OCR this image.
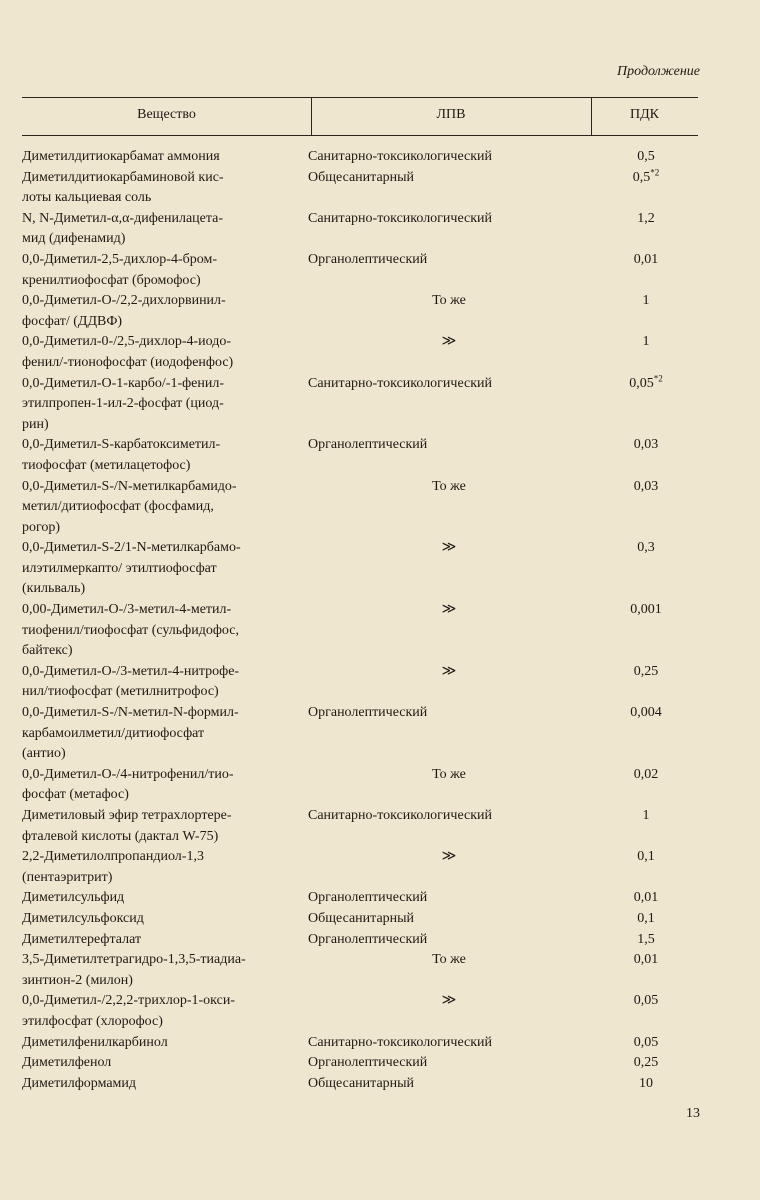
Продолжение
Вещество	ЛПВ	ПДК
Диметилдитиокарбамат аммония	Санитарно-токсикологический	0,5
Диметилдитиокарбаминовой кис-
лоты кальциевая соль
Общесанитарный	0,5$^{*2}$
N, N-Диметил-α,α-дифенилацета-
мид (дифенамид)
Санитарно-токсикологический	1,2
0,0-Диметил-2,5-дихлор-4-бром-
кренилтиофосфат (бромофос)
Органолептический	0,01
0,0-Диметил-О-/2,2-дихлорвинил-
фосфат/ (ДДВФ)
То же	1
0,0-Диметил-0-/2,5-дихлор-4-иодо-
фенил/-тионофосфат (иодофенфос)
≫	1
0,0-Диметил-О-1-карбо/-1-фенил-
этилпропен-1-ил-2-фосфат (циод-
рин)
Санитарно-токсикологический	0,05$^{*2}$
0,0-Диметил-S-карбатоксиметил-
тиофосфат (метилацетофос)
Органолептический	0,03
0,0-Диметил-S-/N-метилкарбамидо-
метил/дитиофосфат (фосфамид,
рогор)
То же	0,03
0,0-Диметил-S-2/1-N-метилкарбамо-
илэтилмеркапто/ этилтиофосфат
(кильваль)
≫	0,3
0,00-Диметил-О-/3-метил-4-метил-
тиофенил/тиофосфат (сульфидофос,
байтекс)
≫	0,001
0,0-Диметил-О-/3-метил-4-нитрофе-
нил/тиофосфат (метилнитрофос)
≫	0,25
0,0-Диметил-S-/N-метил-N-формил-
карбамоилметил/дитиофосфат
(антио)
Органолептический	0,004
0,0-Диметил-О-/4-нитрофенил/тио-
фосфат (метафос)
То же	0,02
Диметиловый эфир тетрахлортере-
фталевой кислоты (дактал W-75)
Санитарно-токсикологический	1
2,2-Диметилолпропандиол-1,3
(пентаэритрит)
≫	0,1
Диметилсульфид	Органолептический	0,01
Диметилсульфоксид	Общесанитарный	0,1
Диметилтерефталат	Органолептический	1,5
3,5-Диметилтетрагидро-1,3,5-тиадиа-
зинтион-2 (милон)
То же	0,01
0,0-Диметил-/2,2,2-трихлор-1-окси-
этилфосфат (хлорофос)
≫	0,05
Диметилфенилкарбинол	Санитарно-токсикологический	0,05
Диметилфенол	Органолептический	0,25
Диметилформамид	Общесанитарный	10
13
